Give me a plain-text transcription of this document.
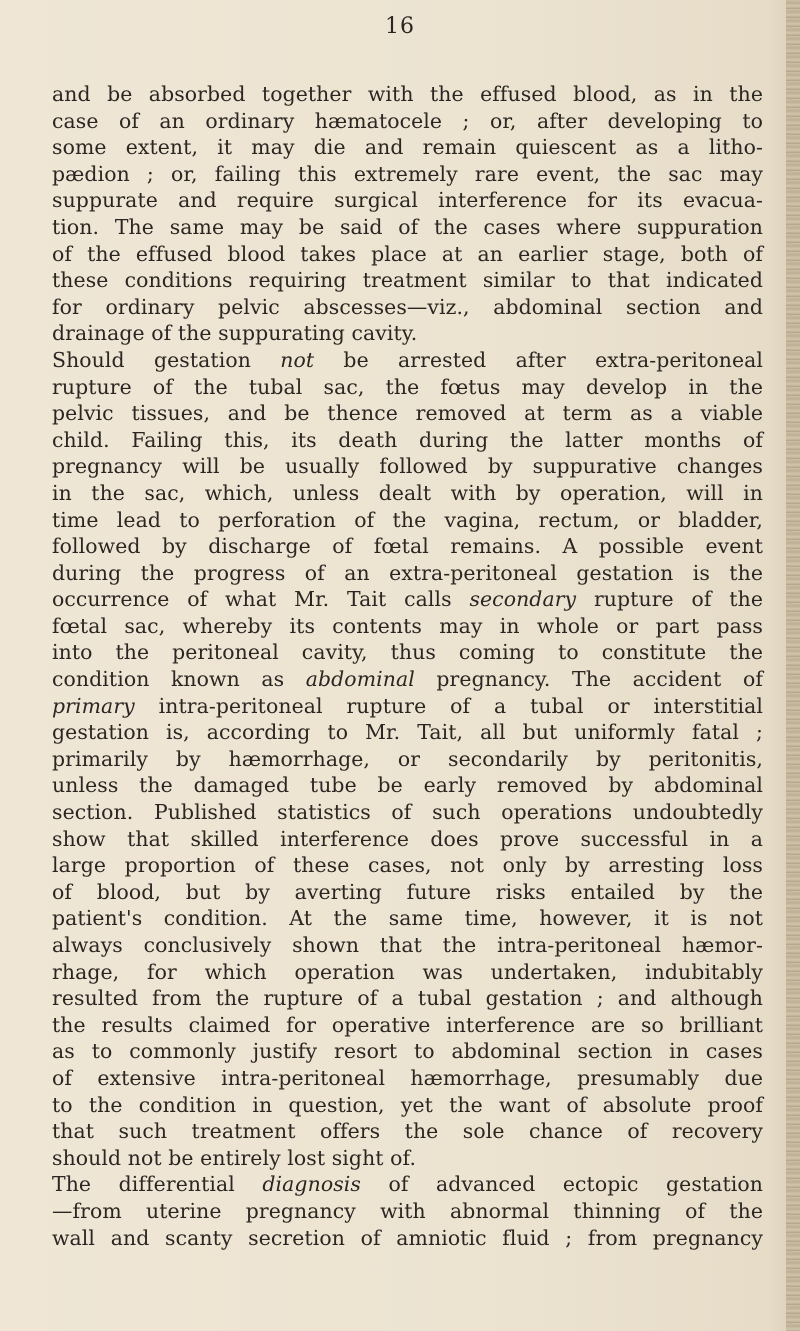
16
and be absorbed together with the effused blood, as in the
case of an ordinary hæmatocele ; or, after developing to
some extent, it may die and remain quiescent as a litho-
pædion ; or, failing this extremely rare event, the sac may
suppurate and require surgical interference for its evacua-
tion. The same may be said of the cases where suppuration
of the effused blood takes place at an earlier stage, both of
these conditions requiring treatment similar to that indicated
for ordinary pelvic abscesses—viz., abdominal section and
drainage of the suppurating cavity.
Should gestation not be arrested after extra-peritoneal
rupture of the tubal sac, the fœtus may develop in the
pelvic tissues, and be thence removed at term as a viable
child. Failing this, its death during the latter months of
pregnancy will be usually followed by suppurative changes
in the sac, which, unless dealt with by operation, will in
time lead to perforation of the vagina, rectum, or bladder,
followed by discharge of fœtal remains. A possible event
during the progress of an extra-peritoneal gestation is the
occurrence of what Mr. Tait calls secondary rupture of the
fœtal sac, whereby its contents may in whole or part pass
into the peritoneal cavity, thus coming to constitute the
condition known as abdominal pregnancy. The accident of
primary intra-peritoneal rupture of a tubal or interstitial
gestation is, according to Mr. Tait, all but uniformly fatal ;
primarily by hæmorrhage, or secondarily by peritonitis,
unless the damaged tube be early removed by abdominal
section. Published statistics of such operations undoubtedly
show that skilled interference does prove successful in a
large proportion of these cases, not only by arresting loss
of blood, but by averting future risks entailed by the
patient's condition. At the same time, however, it is not
always conclusively shown that the intra-peritoneal hæmor-
rhage, for which operation was undertaken, indubitably
resulted from the rupture of a tubal gestation ; and although
the results claimed for operative interference are so brilliant
as to commonly justify resort to abdominal section in cases
of extensive intra-peritoneal hæmorrhage, presumably due
to the condition in question, yet the want of absolute proof
that such treatment offers the sole chance of recovery
should not be entirely lost sight of.
The differential diagnosis of advanced ectopic gestation
—from uterine pregnancy with abnormal thinning of the
wall and scanty secretion of amniotic fluid ; from pregnancy
